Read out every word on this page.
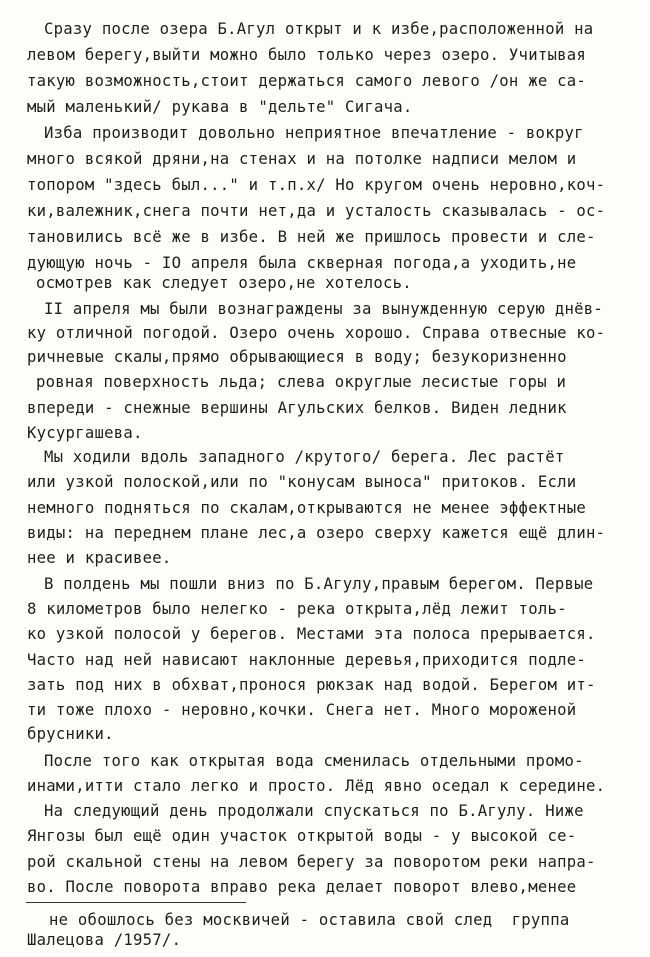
Сразу после озера Б.Агул открыт и к избе,расположенной на
левом берегу,выйти можно было только через озеро. Учитывая
такую возможность,стоит держаться самого левого /он же са-
мый маленький/ рукава в "дельте" Сигача.
Изба производит довольно неприятное впечатление - вокруг
много всякой дряни,на стенах и на потолке надписи мелом и
топором "здесь был..." и т.п.x/ Но кругом очень неровно,коч-
ки,валежник,снега почти нет,да и усталость сказывалась - ос-
тановились всё же в избе. В ней же пришлось провести и сле-
дующую ночь - IO апреля была скверная погода,а уходить,не
осмотрев как следует озеро,не хотелось.
II апреля мы были вознаграждены за вынужденную серую днёв-
ку отличной погодой. Озеро очень хорошо. Справа отвесные ко-
ричневые скалы,прямо обрывающиеся в воду; безукоризненно
ровная поверхность льда; слева округлые лесистые горы и
впереди - снежные вершины Агульских белков. Виден ледник
Кусургашева.
Мы ходили вдоль западного /крутого/ берега. Лес растёт
или узкой полоской,или по "конусам выноса" притоков. Если
немного подняться по скалам,открываются не менее эффектные
виды: на переднем плане лес,а озеро сверху кажется ещё длин-
нее и красивее.
В полдень мы пошли вниз по Б.Агулу,правым берегом. Первые
8 километров было нелегко - река открыта,лёд лежит толь-
ко узкой полосой у берегов. Местами эта полоса прерывается.
Часто над ней нависают наклонные деревья,приходится подле-
зать под них в обхват,пронося рюкзак над водой. Берегом ит-
ти тоже плохо - неровно,кочки. Снега нет. Много мороженой
брусники.
После того как открытая вода сменилась отдельными промо-
инами,итти стало легко и просто. Лёд явно оседал к середине.
На следующий день продолжали спускаться по Б.Агулу. Ниже
Янгозы был ещё один участок открытой воды - у высокой се-
рой скальной стены на левом берегу за поворотом реки напра-
во. После поворота вправо река делает поворот влево,менее
не обошлось без москвичей - оставила свой след  группа
Шалецова /1957/.
